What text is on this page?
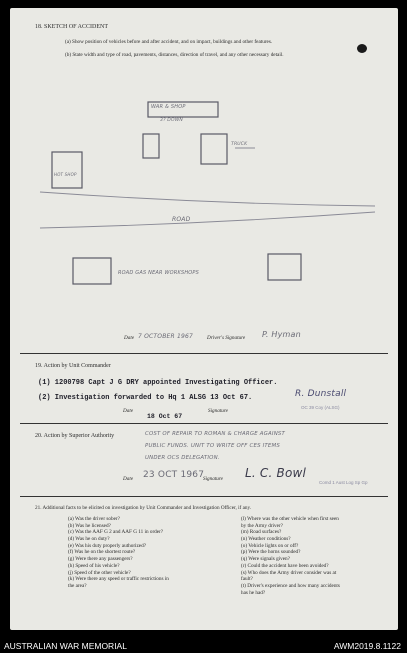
18. SKETCH OF ACCIDENT
(a) Show position of vehicles before and after accident, and on impact, buildings and other features.
(b) State width and type of road, pavements, distances, direction of travel, and any other necessary detail.
WAR & SHOP
3? DOWN
HOT SHOP
TRUCK
ROAD
ROAD GAS NEAR WORKSHOPS
Date 7 OCTOBER 1967	Driver's Signature P. Hyman
19. Action by Unit Commander
(1) 1200798 Capt J G DRY appointed Investigating Officer.
(2) Investigation forwarded to Hq 1 ALSG 13 Oct 67.
Date
18 Oct 67
Signature
R. Dunstall
OC 39 Coy (ALSG)
20. Action by Superior Authority	COST OF REPAIR TO ROMAN & CHARGE AGAINST
PUBLIC FUNDS. UNIT TO WRITE OFF CES ITEMS
UNDER OCS DELEGATION.
Date 23 OCT 1967
Signature L. C. Bowl
Comd 1 Aust Log Sp Gp
21. Additional facts to be elicited on investigation by Unit Commander and Investigation Officer, if any.
(a) Was the driver sober?
(b) Was he licensed?
(c) Was the AAF G 2 and AAF G 11 in order?
(d) Was he on duty?
(e) Was his duty properly authorized?
(f) Was he on the shortest route?
(g) Were there any passengers?
(h) Speed of his vehicle?
(j) Speed of the other vehicle?
(k) Were there any speed or traffic restrictions in
the area?
(l) Where was the other vehicle when first seen
by the Army driver?
(m) Road surfaces?
(n) Weather conditions?
(o) Vehicle lights on or off?
(p) Were the horns sounded?
(q) Were signals given?
(r) Could the accident have been avoided?
(s) Who does the Army driver consider was at
fault?
(t) Driver's experience and how many accidents
has he had?
AUSTRALIAN WAR MEMORIAL	AWM2019.8.1122
